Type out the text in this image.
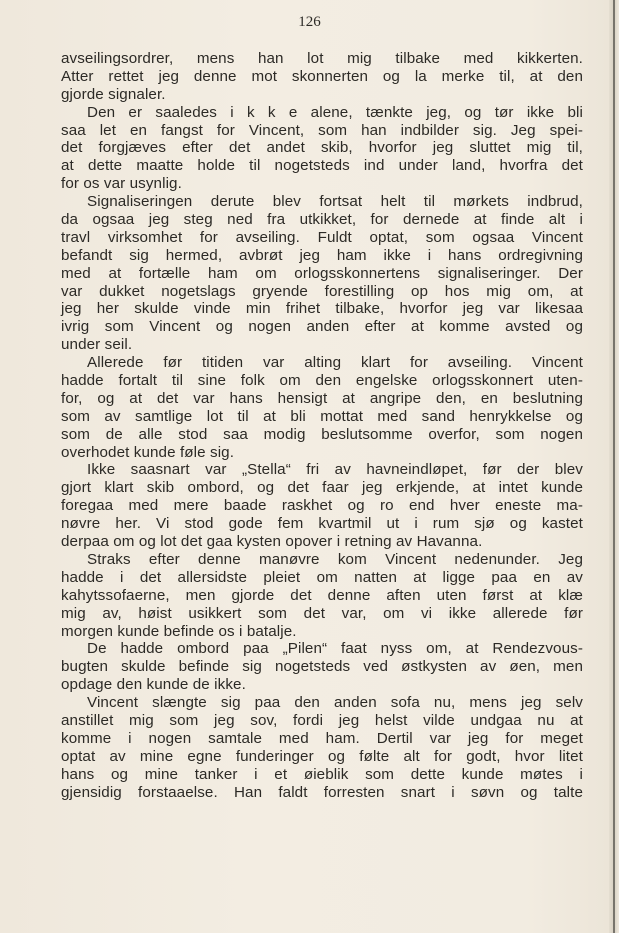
126
avseilingsordrer, mens han lot mig tilbake med kikkerten.
Atter rettet jeg denne mot skonnerten og la merke til, at den
gjorde signaler.
Den er saaledes i k k e alene, tænkte jeg, og tør ikke bli
saa let en fangst for Vincent, som han indbilder sig. Jeg spei-
det forgjæves efter det andet skib, hvorfor jeg sluttet mig til,
at dette maatte holde til nogetsteds ind under land, hvorfra det
for os var usynlig.
Signaliseringen derute blev fortsat helt til mørkets indbrud,
da ogsaa jeg steg ned fra utkikket, for dernede at finde alt i
travl virksomhet for avseiling. Fuldt optat, som ogsaa Vincent
befandt sig hermed, avbrøt jeg ham ikke i hans ordregivning
med at fortælle ham om orlogsskonnertens signaliseringer. Der
var dukket nogetslags gryende forestilling op hos mig om, at
jeg her skulde vinde min frihet tilbake, hvorfor jeg var likesaa
ivrig som Vincent og nogen anden efter at komme avsted og
under seil.
Allerede før titiden var alting klart for avseiling. Vincent
hadde fortalt til sine folk om den engelske orlogsskonnert uten-
for, og at det var hans hensigt at angripe den, en beslutning
som av samtlige lot til at bli mottat med sand henrykkelse og
som de alle stod saa modig beslutsomme overfor, som nogen
overhodet kunde føle sig.
Ikke saasnart var „Stella“ fri av havneindløpet, før der blev
gjort klart skib ombord, og det faar jeg erkjende, at intet kunde
foregaa med mere baade raskhet og ro end hver eneste ma-
nøvre her. Vi stod gode fem kvartmil ut i rum sjø og kastet
derpaa om og lot det gaa kysten opover i retning av Havanna.
Straks efter denne manøvre kom Vincent nedenunder. Jeg
hadde i det allersidste pleiet om natten at ligge paa en av
kahytssofaerne, men gjorde det denne aften uten først at klæ
mig av, høist usikkert som det var, om vi ikke allerede før
morgen kunde befinde os i batalje.
De hadde ombord paa „Pilen“ faat nyss om, at Rendezvous-
bugten skulde befinde sig nogetsteds ved østkysten av øen, men
opdage den kunde de ikke.
Vincent slængte sig paa den anden sofa nu, mens jeg selv
anstillet mig som jeg sov, fordi jeg helst vilde undgaa nu at
komme i nogen samtale med ham. Dertil var jeg for meget
optat av mine egne funderinger og følte alt for godt, hvor litet
hans og mine tanker i et øieblik som dette kunde møtes i
gjensidig forstaaelse. Han faldt forresten snart i søvn og talte
